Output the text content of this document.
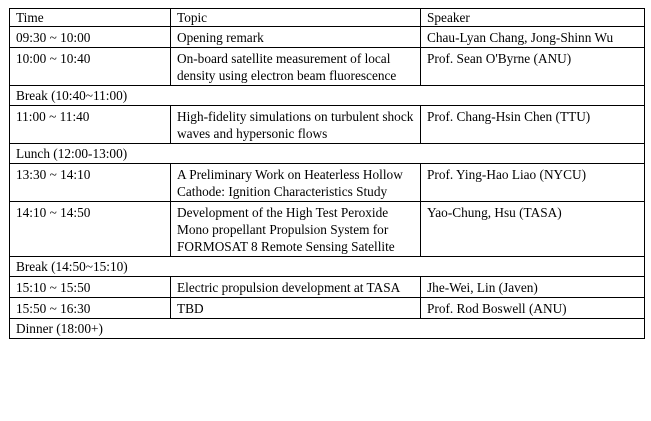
Time	Topic	Speaker
09:30 ~ 10:00	Opening remark	Chau-Lyan Chang, Jong-Shinn Wu
10:00 ~ 10:40	On-board satellite measurement of local density using electron beam fluorescence	Prof. Sean O'Byrne (ANU)
Break (10:40~11:00)		
11:00 ~ 11:40	High-fidelity simulations on turbulent shock waves and hypersonic flows	Prof. Chang-Hsin Chen (TTU)
Lunch (12:00-13:00)		
13:30 ~ 14:10	A Preliminary Work on Heaterless Hollow Cathode: Ignition Characteristics Study	Prof. Ying-Hao Liao (NYCU)
14:10 ~ 14:50	Development of the High Test Peroxide Mono propellant Propulsion System for FORMOSAT 8 Remote Sensing Satellite	Yao-Chung, Hsu (TASA)
Break (14:50~15:10)		
15:10 ~ 15:50	Electric propulsion development at TASA	Jhe-Wei, Lin (Javen)
15:50 ~ 16:30	TBD	Prof. Rod Boswell (ANU)
Dinner (18:00+)		
